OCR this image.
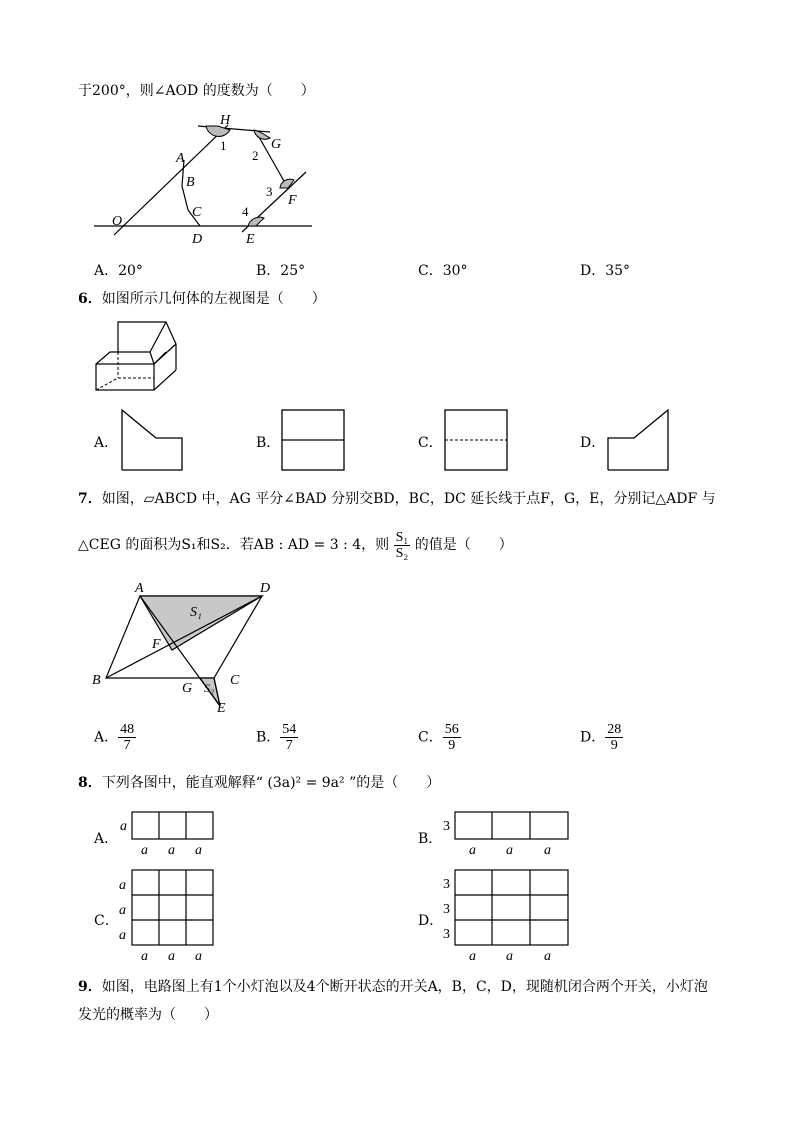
于200°，则∠AOD 的度数为（　　）
H
G
A
1
2
B
3
F
C	4
O
D	E
A．20°	B．25°	C．30°	D．35°
6．如图所示几何体的左视图是（　　）
A．	B．	C．	D．
7．如图，▱ABCD 中，AG 平分∠BAD 分别交BD，BC，DC 延长线于点F，G，E，分别记△ADF 与
△CEG 的面积为S₁和S₂．若AB : AD = 3 : 4，则 $\frac{\text{S₁}}{\text{S₂}}$ 的值是（　　）
A	D
S₁
F
B
G S₂ C
E
A． $\frac{48}{7}$	B． $\frac{54}{7}$	C． $\frac{56}{9}$	D． $\frac{28}{9}$
8．下列各图中，能直观解释“ (3a)² = 9a² ”的是（　　）
A．
a
a a a
B．
3
a a a
C．
a
a
a
a a a
D．
3
3
3
a a a
9．如图，电路图上有1个小灯泡以及4个断开状态的开关A，B，C，D，现随机闭合两个开关，小灯泡
发光的概率为（　　）
